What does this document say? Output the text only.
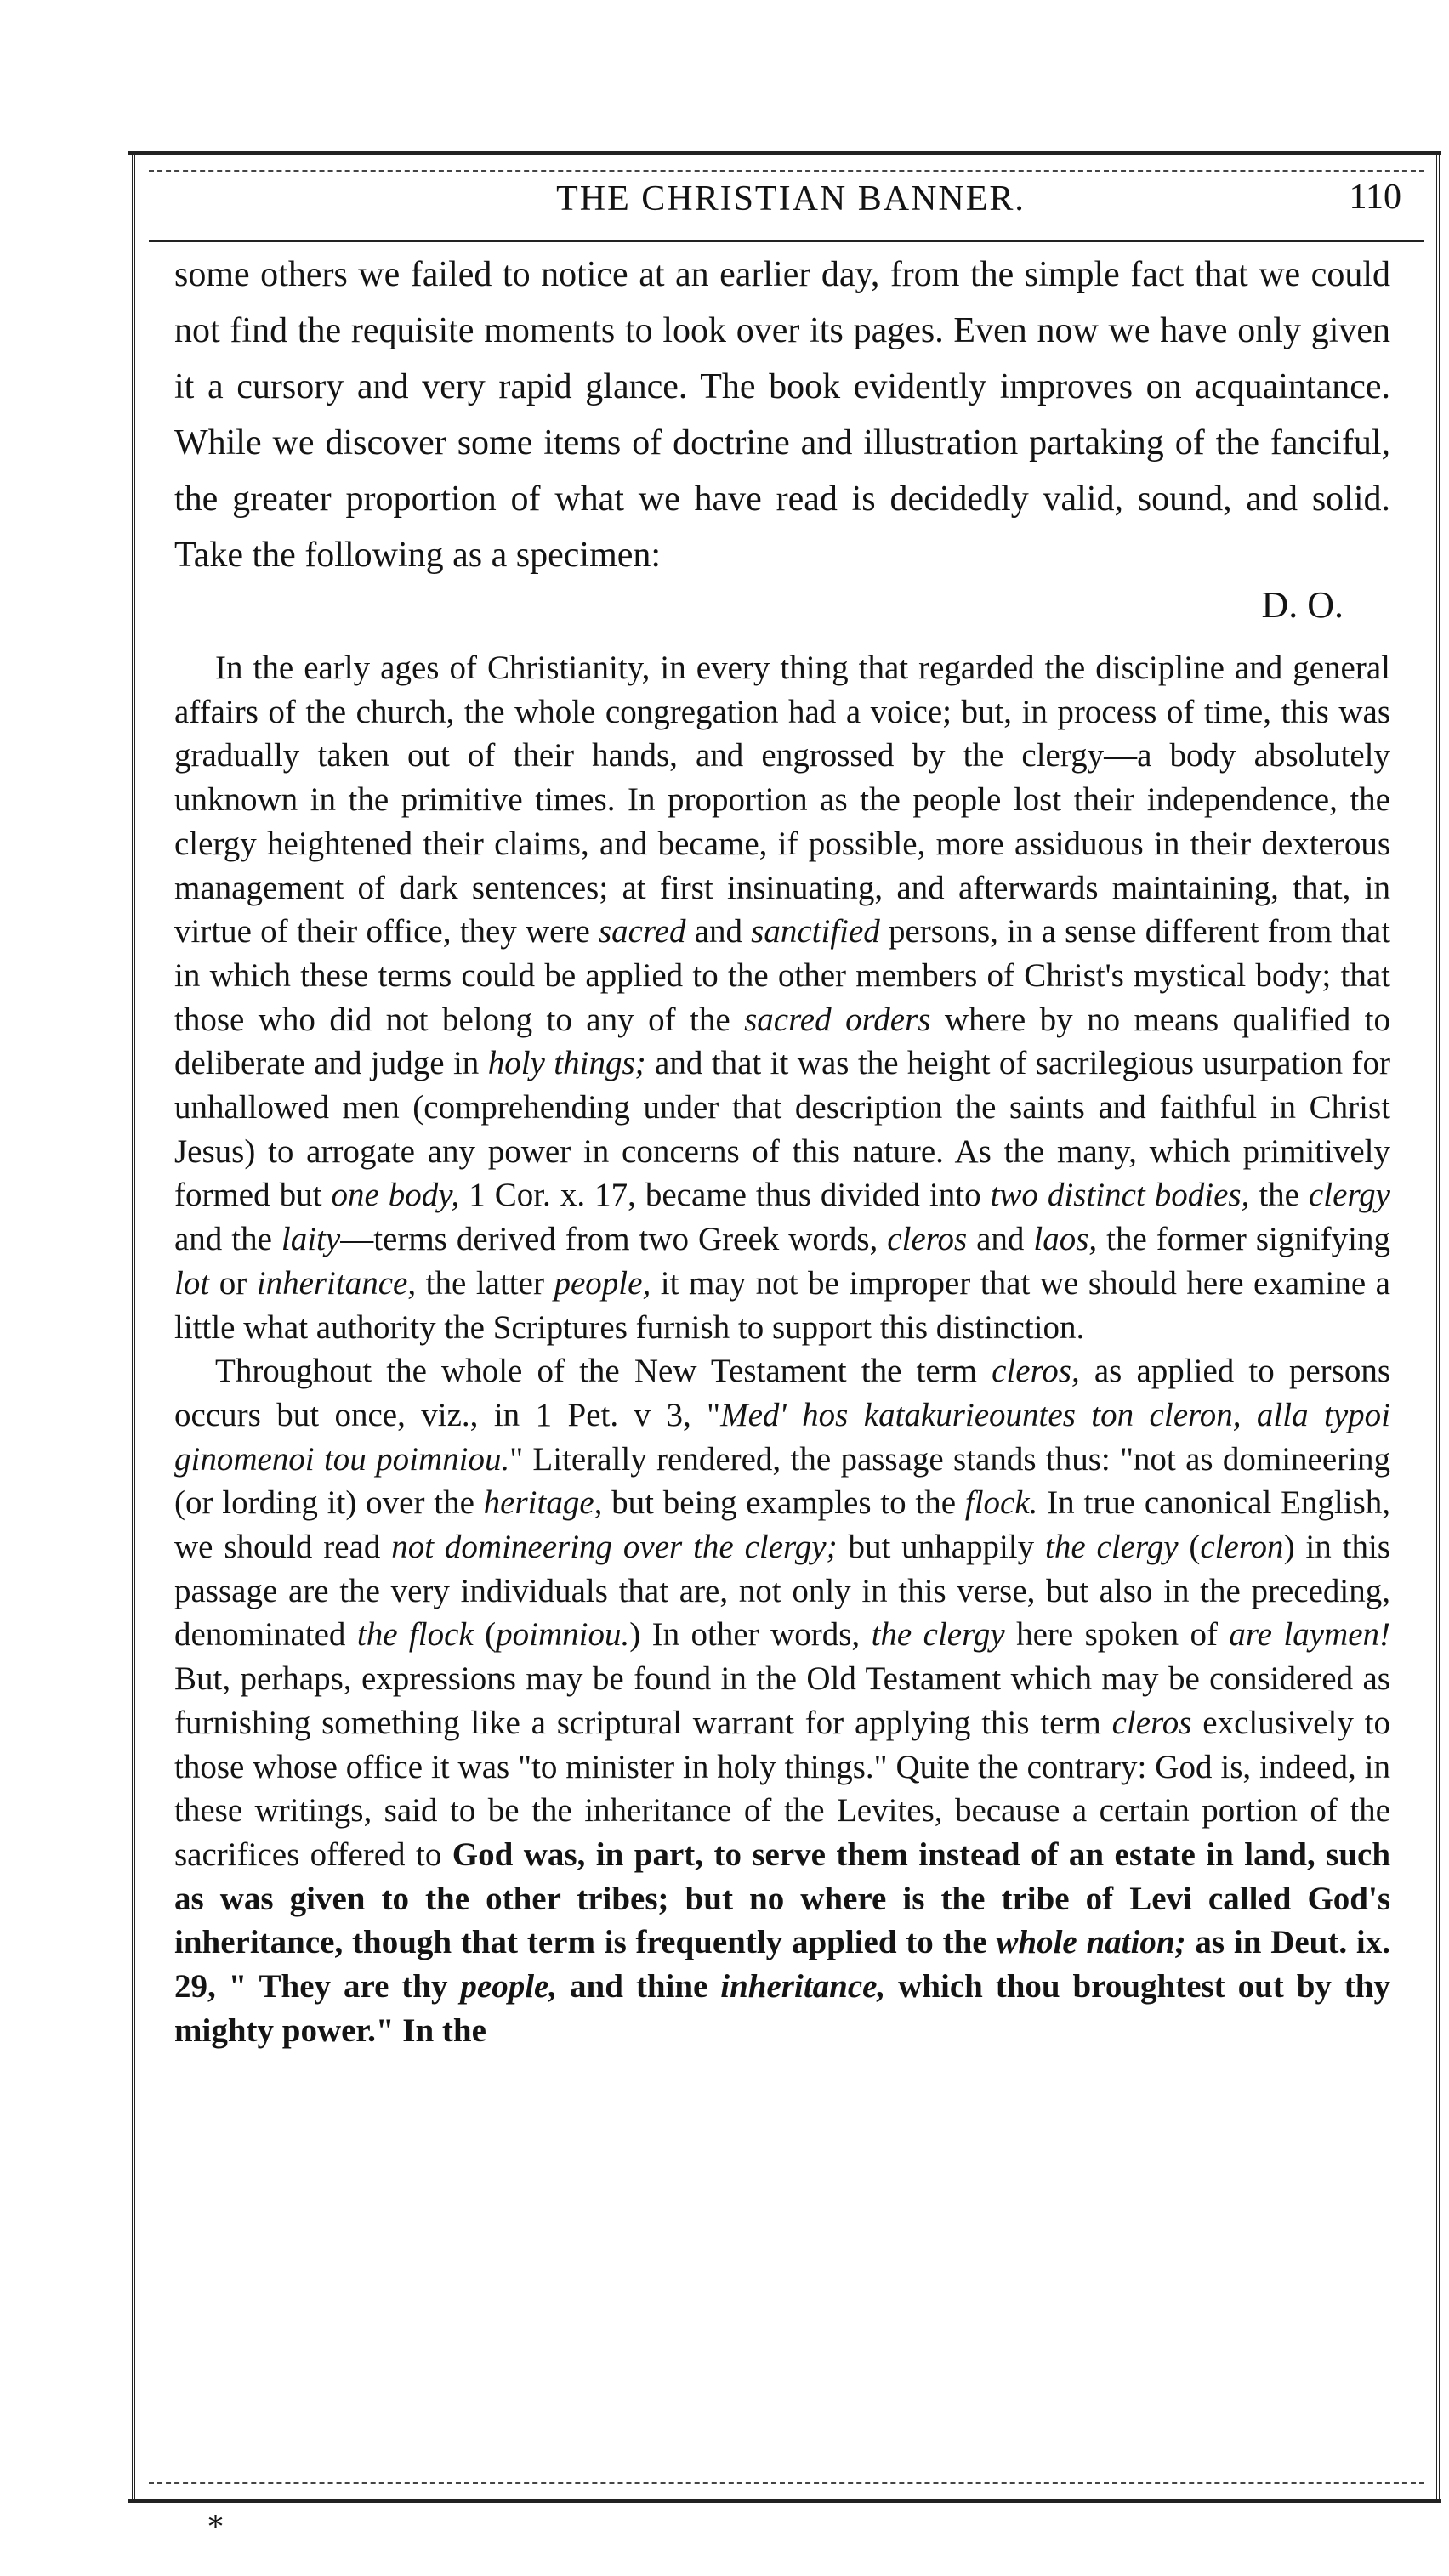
THE CHRISTIAN BANNER.	110

some others we failed to notice at an earlier day, from the simple fact that we could not find the requisite moments to look over its pages. Even now we have only given it a cursory and very rapid glance. The book evidently improves on acquaintance. While we discover some items of doctrine and illustration partaking of the fanciful, the greater proportion of what we have read is decidedly valid, sound, and solid. Take the following as a specimen:

D. O.

In the early ages of Christianity, in every thing that regarded the discipline and general affairs of the church, the whole congregation had a voice; but, in process of time, this was gradually taken out of their hands, and engrossed by the clergy—a body absolutely unknown in the primitive times. In proportion as the people lost their independence, the clergy heightened their claims, and became, if possible, more assiduous in their dexterous management of dark sentences; at first insinuating, and afterwards maintaining, that, in virtue of their office, they were sacred and sanctified persons, in a sense different from that in which these terms could be applied to the other members of Christ's mystical body; that those who did not belong to any of the sacred orders where by no means qualified to deliberate and judge in holy things; and that it was the height of sacrilegious usurpation for unhallowed men (comprehending under that description the saints and faithful in Christ Jesus) to arrogate any power in concerns of this nature. As the many, which primitively formed but one body, 1 Cor. x. 17, became thus divided into two distinct bodies, the clergy and the laity—terms derived from two Greek words, cleros and laos, the former signifying lot or inheritance, the latter people, it may not be improper that we should here examine a little what authority the Scriptures furnish to support this distinction.

Throughout the whole of the New Testament the term cleros, as applied to persons occurs but once, viz., in 1 Pet. v 3, "Med' hos katakurieountes ton cleron, alla typoi ginomenoi tou poimniou." Literally rendered, the passage stands thus: "not as domineering (or lording it) over the heritage, but being examples to the flock. In true canonical English, we should read not domineering over the clergy; but unhappily the clergy (cleron) in this passage are the very individuals that are, not only in this verse, but also in the preceding, denominated the flock (poimniou.) In other words, the clergy here spoken of are laymen! But, perhaps, expressions may be found in the Old Testament which may be considered as furnishing something like a scriptural warrant for applying this term cleros exclusively to those whose office it was "to minister in holy things." Quite the contrary: God is, indeed, in these writings, said to be the inheritance of the Levites, because a certain portion of the sacrifices offered to God was, in part, to serve them instead of an estate in land, such as was given to the other tribes; but no where is the tribe of Levi called God's inheritance, though that term is frequently applied to the whole nation; as in Deut. ix. 29, " They are thy people, and thine inheritance, which thou broughtest out by thy mighty power." In the

*
